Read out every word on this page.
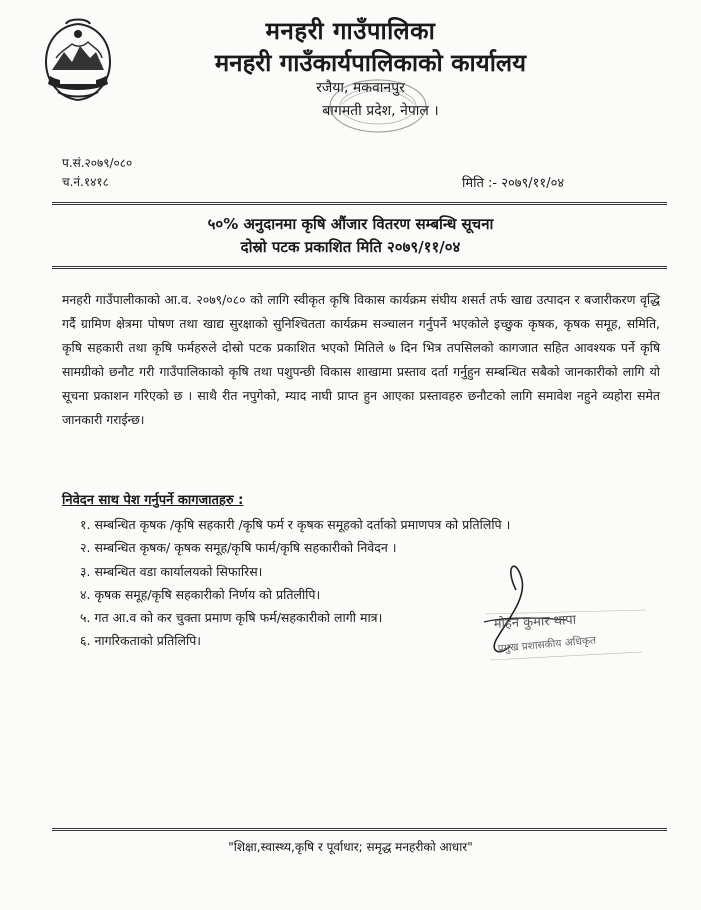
मनहरी गाउँपालिका
मनहरी गाउँकार्यपालिकाको कार्यालय
रजैया, मकवानपुर
बागमती प्रदेश, नेपाल ।
प.सं.२०७९/०८०
च.नं.१४१८	मिति :- २०७९/११/०४
५०% अनुदानमा कृषि औंजार वितरण सम्बन्धि सूचना
दोस्रो पटक प्रकाशित मिति २०७९/११/०४
मनहरी गाउँपालीकाको आ.व. २०७९/०८० को लागि स्वीकृत कृषि विकास कार्यक्रम संघीय शसर्त तर्फ खाद्य उत्पादन र बजारीकरण वृद्धि गर्दै ग्रामिण क्षेत्रमा पोषण तथा खाद्य सुरक्षाको सुनिश्चितता कार्यक्रम सञ्चालन गर्नुपर्ने भएकोले इच्छुक कृषक, कृषक समूह, समिति, कृषि सहकारी तथा कृषि फर्महरुले दोस्रो पटक प्रकाशित भएको मितिले ७ दिन भित्र तपसिलको कागजात सहित आवश्यक पर्ने कृषि सामग्रीको छनौट गरी गाउँपालिकाको कृषि तथा पशुपन्छी विकास शाखामा प्रस्ताव दर्ता गर्नुहुन सम्बन्धित सबैको जानकारीको लागि यो सूचना प्रकाशन गरिएको छ । साथै रीत नपुगेको, म्याद नाघी प्राप्त हुन आएका प्रस्तावहरु छनौटको लागि समावेश नहुने व्यहोरा समेत जानकारी गराईन्छ।
निवेदन साथ पेश गर्नुपर्ने कागजातहरु :
१. सम्बन्धित कृषक /कृषि सहकारी /कृषि फर्म र कृषक समूहको दर्ताको प्रमाणपत्र को प्रतिलिपि ।
२. सम्बन्धित कृषक/ कृषक समूह/कृषि फार्म/कृषि सहकारीको निवेदन ।
३. सम्बन्धित वडा कार्यालयको सिफारिस।
४. कृषक समूह/कृषि सहकारीको निर्णय को प्रतिलीपि।
५. गत आ.व को कर चुक्ता प्रमाण कृषि फर्म/सहकारीको लागी मात्र।
६. नागरिकताको प्रतिलिपि।
मोहन कुमार थापा
प्रमुख प्रशासकीय अधिकृत
"शिक्षा,स्वास्थ्य,कृषि र पूर्वाधार; समृद्ध मनहरीको आधार"
